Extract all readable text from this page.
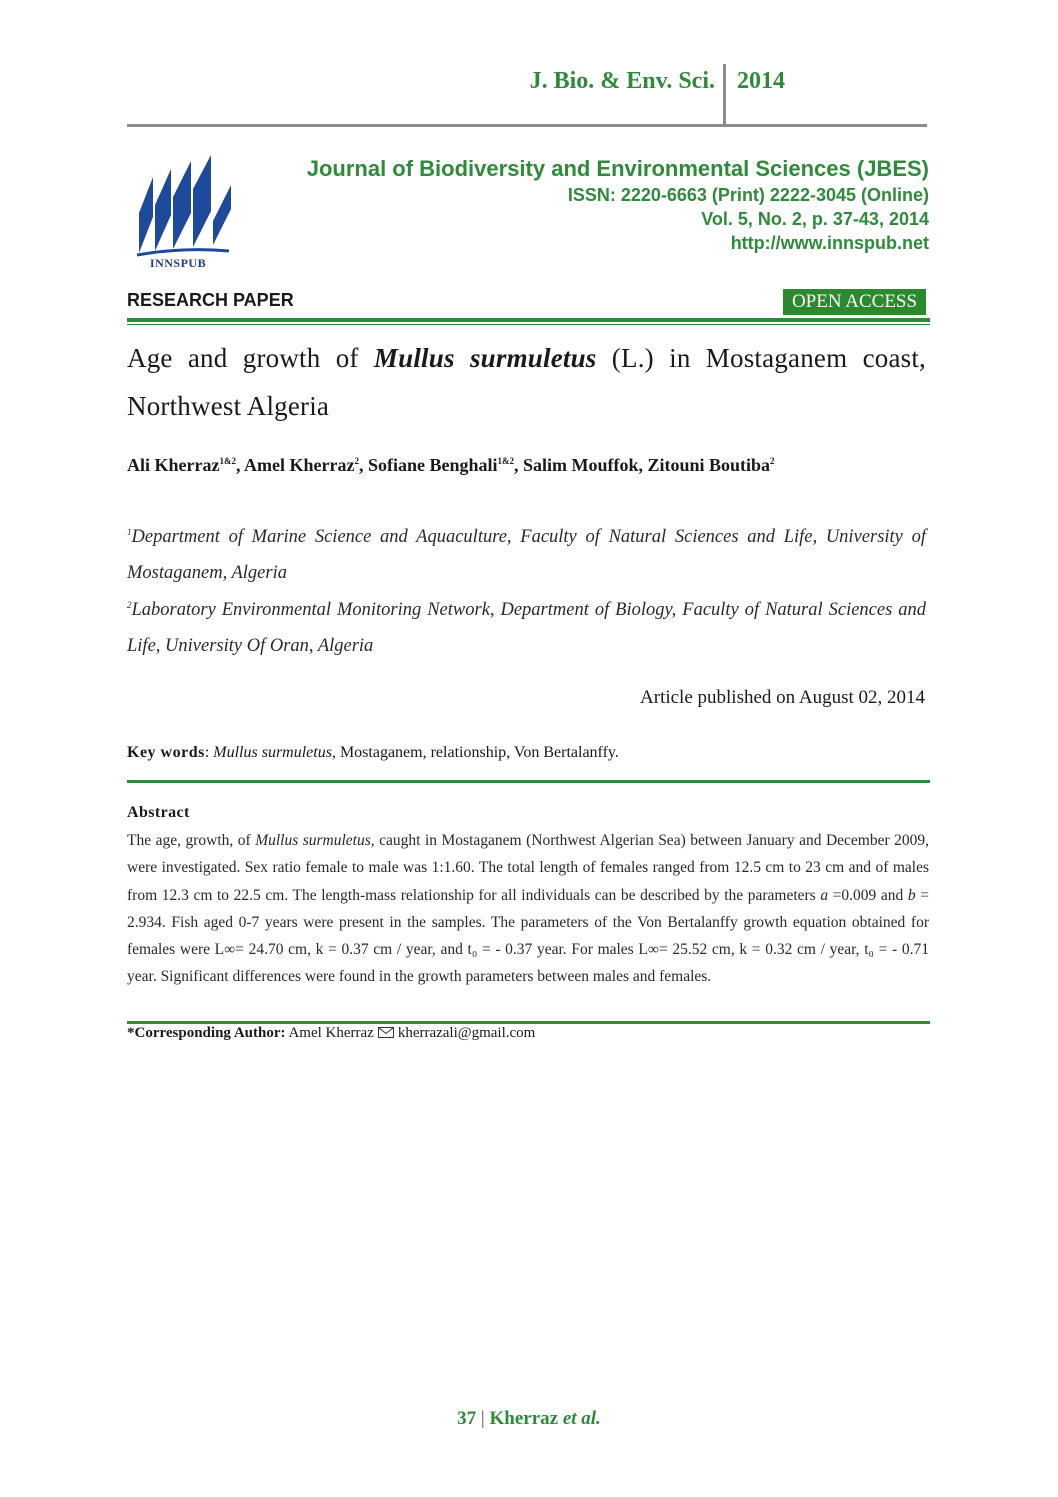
J. Bio. & Env. Sci. 2014
INNSPUB
Journal of Biodiversity and Environmental Sciences (JBES)
ISSN: 2220-6663 (Print) 2222-3045 (Online)
Vol. 5, No. 2, p. 37-43, 2014
http://www.innspub.net
RESEARCH PAPER	OPEN ACCESS
Age and growth of Mullus surmuletus (L.) in Mostaganem coast, Northwest Algeria
Ali Kherraz$^{1\&2}$, Amel Kherraz$^2$, Sofiane Benghali$^{1\&2}$, Salim Mouffok, Zitouni Boutiba$^2$
$^1$Department of Marine Science and Aquaculture, Faculty of Natural Sciences and Life, University of Mostaganem, Algeria
$^2$Laboratory Environmental Monitoring Network, Department of Biology, Faculty of Natural Sciences and Life, University Of Oran, Algeria
Article published on August 02, 2014
Key words: Mullus surmuletus, Mostaganem, relationship, Von Bertalanffy.
Abstract
The age, growth, of Mullus surmuletus, caught in Mostaganem (Northwest Algerian Sea) between January and December 2009, were investigated. Sex ratio female to male was 1:1.60. The total length of females ranged from 12.5 cm to 23 cm and of males from 12.3 cm to 22.5 cm. The length-mass relationship for all individuals can be described by the parameters a =0.009 and b = 2.934. Fish aged 0-7 years were present in the samples. The parameters of the Von Bertalanffy growth equation obtained for females were L∞= 24.70 cm, k = 0.37 cm / year, and t₀ = - 0.37 year. For males L∞= 25.52 cm, k = 0.32 cm / year, t₀ = - 0.71 year. Significant differences were found in the growth parameters between males and females.
*Corresponding Author: Amel Kherraz kherrazali@gmail.com
37 | Kherraz et al.
